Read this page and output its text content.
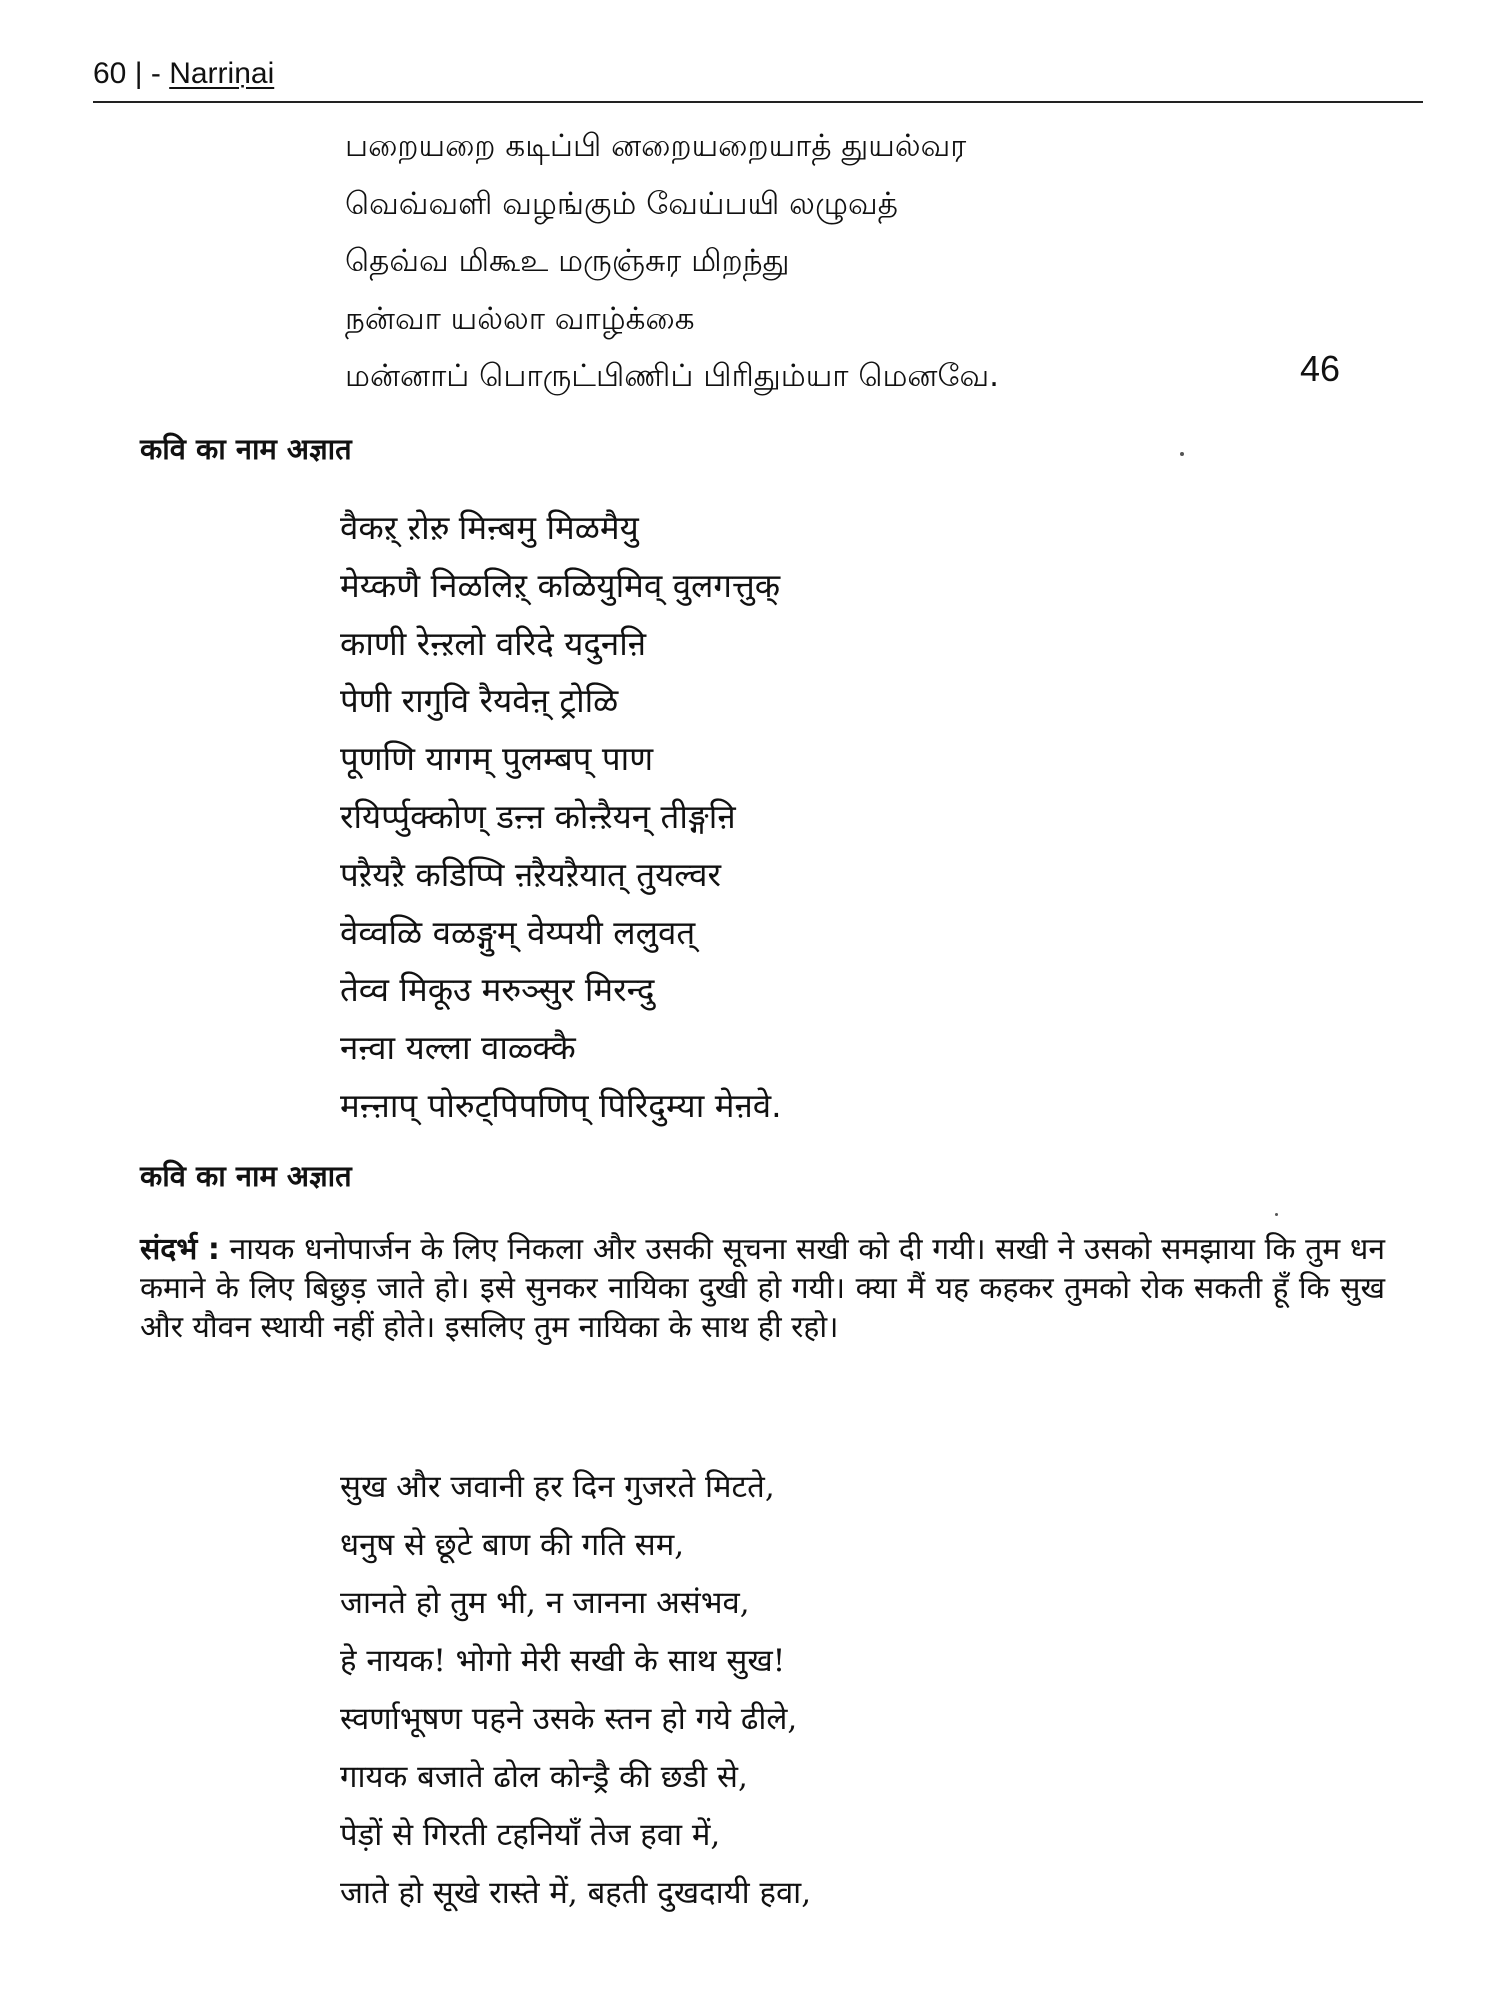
60 | - Narriṇai
பறையறை கடிப்பி னறையறையாத் துயல்வர
வெவ்வளி வழங்கும் வேய்பயி லழுவத்
தெவ்வ மிகூஉ மருஞ்சுர மிறந்து
நன்வா யல்லா வாழ்க்கை
மன்னாப் பொருட்பிணிப் பிரிதும்யா மெனவே.	46
कवि का नाम अज्ञात
वैकऱ् ऱोऱु मिऩ्बमु मिळमैयु
मेय्कणै निळलिऱ् कळियुमिव् वुलगत्तुक्
काणी रेऩ्ऱलो वरिदे यदुनऩि
पेणी रागुवि रैयवेऩ् ट्रोळि
पूणणि यागम् पुलम्बप् पाण
रयिर्प्पुक्कोण् डऩ्ऩ कोऩ्ऱैयन् तीङ्गऩि
पऱैयऱै कडिप्पि ऩऱैयऱैयात् तुयल्वर
वेव्वळि वळङ्गुम् वेय्पयी ललुवत्
तेव्व मिकूउ मरुञ्सुर मिरन्दु
नऩ्वा यल्ला वाळ्क्कै
मऩ्ऩाप् पोरुट्पिपणिप् पिरिदुम्या मेऩवे.
कवि का नाम अज्ञात

संदर्भ : नायक धनोपार्जन के लिए निकला और उसकी सूचना सखी को दी गयी। सखी ने उसको समझाया कि तुम धन कमाने के लिए बिछुड़ जाते हो। इसे सुनकर नायिका दुखी हो गयी। क्या मैं यह कहकर तुमको रोक सकती हूँ कि सुख और यौवन स्थायी नहीं होते। इसलिए तुम नायिका के साथ ही रहो।

सुख और जवानी हर दिन गुजरते मिटते,
धनुष से छूटे बाण की गति सम,
जानते हो तुम भी, न जानना असंभव,
हे नायक! भोगो मेरी सखी के साथ सुख!
स्वर्णाभूषण पहने उसके स्तन हो गये ढीले,
गायक बजाते ढोल कोन्ड्रै की छडी से,
पेड़ों से गिरती टहनियाँ तेज हवा में,
जाते हो सूखे रास्ते में, बहती दुखदायी हवा,
